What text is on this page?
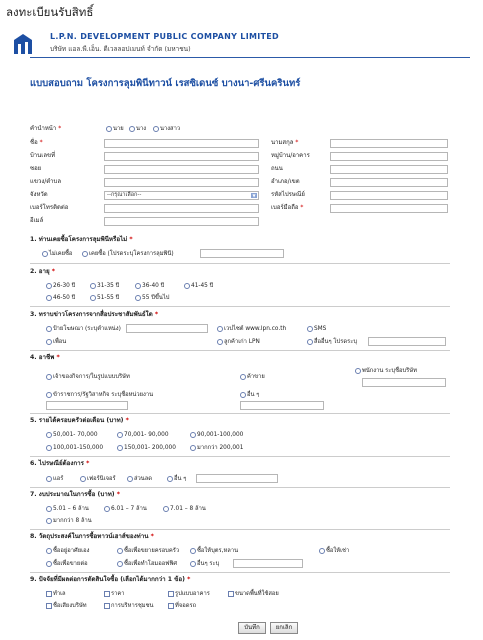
ลงทะเบียนรับสิทธิ์
L.P.N. DEVELOPMENT PUBLIC COMPANY LIMITED
บริษัท แอล.พี.เอ็น. ดีเวลลอปเมนท์ จำกัด (มหาชน)
แบบสอบถาม โครงการลุมพินีทาวน์ เรสซิเดนซ์ บางนา-ศรีนครินทร์
คำนำหน้า *	นาย	นาง	นางสาว
ชื่อ *	นามสกุล *
บ้านเลขที่	หมู่บ้าน/อาคาร
ซอย	ถนน
แขวง/ตำบล	อำเภอ/เขต
จังหวัด	--กรุณาเลือก--	▼	รหัสไปรษณีย์
เบอร์โทรติดต่อ	เบอร์มือถือ *
อีเมล์
1. ท่านเคยซื้อโครงการลุมพินีหรือไม่ *
ไม่เคยซื้อ	เคยซื้อ (โปรดระบุโครงการลุมพินี)
2. อายุ *
26-30 ปี	31-35 ปี	36-40 ปี	41-45 ปี
46-50 ปี	51-55 ปี	55 ปีขึ้นไป
3. ทราบข่าวโครงการจากสื่อประชาสัมพันธ์ใด *
ป้ายโฆษณา (ระบุตำแหน่ง)	เวปไซต์ www.lpn.co.th	SMS
เพื่อน	ลูกค้าเก่า LPN	สื่ออื่นๆ โปรดระบุ
4. อาชีพ *
เจ้าของกิจการ/ในรูปแบบบริษัท	ค้าขาย
พนักงาน ระบุชื่อบริษัท
ข้าราชการ/รัฐวิสาหกิจ ระบุชื่อหน่วยงาน	อื่น ๆ
5. รายได้ครอบครัวต่อเดือน (บาท) *
50,001- 70,000	70,001- 90,000	90,001-100,000
100,001-150,000	150,001- 200,000	มากกว่า 200,001
6. ไปรษณีย์ต้องการ *
แอร์	เฟอร์นิเจอร์	ส่วนลด	อื่น ๆ
7. งบประมาณในการซื้อ (บาท) *
5.01 – 6 ล้าน	6.01 – 7 ล้าน	7.01 – 8 ล้าน
มากกว่า 8 ล้าน
8. วัตถุประสงค์ในการซื้อทาวน์เฮาส์ของท่าน *
ซื้ออยู่อาศัยเอง	ซื้อเพื่อขยายครอบครัว	ซื้อให้บุตร,หลาน	ซื้อให้เช่า
ซื้อเพื่อขายต่อ	ซื้อเพื่อทำโฮมออฟฟิศ	อื่นๆ ระบุ
9. ปัจจัยที่มีผลต่อการตัดสินใจซื้อ (เลือกได้มากกว่า 1 ข้อ) *
ทำเล	ราคา	รูปแบบอาคาร	ขนาดพื้นที่ใช้สอย
ชื่อเสียงบริษัท	การบริหารชุมชน	ที่จอดรถ
บันทึก	ยกเลิก
